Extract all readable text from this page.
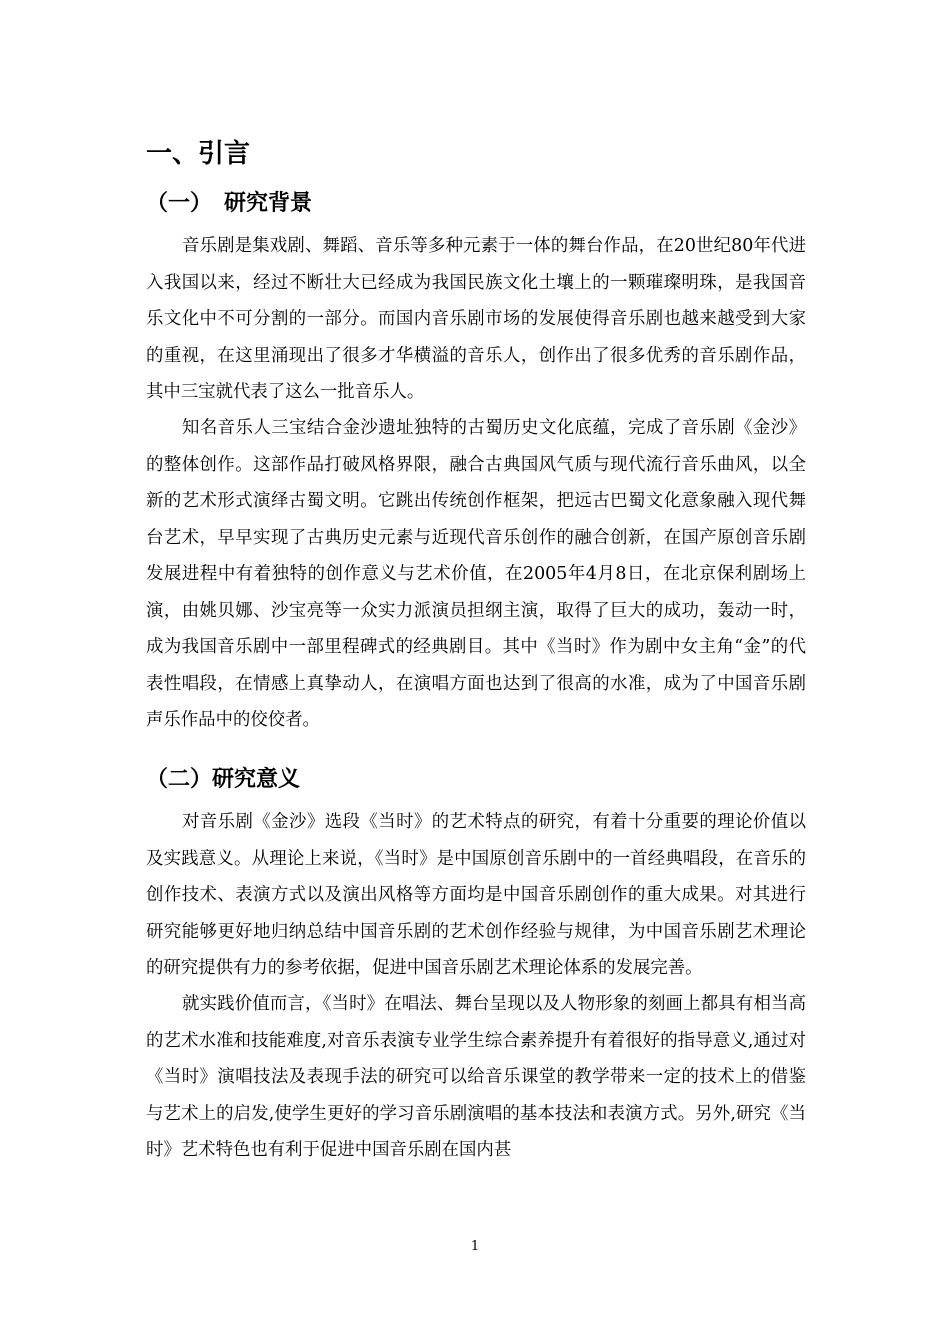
一、引言
（一） 研究背景

音乐剧是集戏剧、舞蹈、音乐等多种元素于一体的舞台作品，在20世纪80年代进入我国以来，经过不断壮大已经成为我国民族文化土壤上的一颗璀璨明珠，是我国音乐文化中不可分割的一部分。而国内音乐剧市场的发展使得音乐剧也越来越受到大家的重视，在这里涌现出了很多才华横溢的音乐人，创作出了很多优秀的音乐剧作品，其中三宝就代表了这么一批音乐人。

知名音乐人三宝结合金沙遗址独特的古蜀历史文化底蕴，完成了音乐剧《金沙》的整体创作。这部作品打破风格界限，融合古典国风气质与现代流行音乐曲风，以全新的艺术形式演绎古蜀文明。它跳出传统创作框架，把远古巴蜀文化意象融入现代舞台艺术，早早实现了古典历史元素与近现代音乐创作的融合创新，在国产原创音乐剧发展进程中有着独特的创作意义与艺术价值，在2005年4月8日，在北京保利剧场上演，由姚贝娜、沙宝亮等一众实力派演员担纲主演，取得了巨大的成功，轰动一时，成为我国音乐剧中一部里程碑式的经典剧目。其中《当时》作为剧中女主角“金”的代表性唱段，在情感上真挚动人，在演唱方面也达到了很高的水准，成为了中国音乐剧声乐作品中的佼佼者。

（二）研究意义

对音乐剧《金沙》选段《当时》的艺术特点的研究，有着十分重要的理论价值以及实践意义。从理论上来说，《当时》是中国原创音乐剧中的一首经典唱段，在音乐的创作技术、表演方式以及演出风格等方面均是中国音乐剧创作的重大成果。对其进行研究能够更好地归纳总结中国音乐剧的艺术创作经验与规律，为中国音乐剧艺术理论的研究提供有力的参考依据，促进中国音乐剧艺术理论体系的发展完善。

就实践价值而言，《当时》在唱法、舞台呈现以及人物形象的刻画上都具有相当高的艺术水准和技能难度,对音乐表演专业学生综合素养提升有着很好的指导意义,通过对《当时》演唱技法及表现手法的研究可以给音乐课堂的教学带来一定的技术上的借鉴与艺术上的启发,使学生更好的学习音乐剧演唱的基本技法和表演方式。另外,研究《当时》艺术特色也有利于促进中国音乐剧在国内甚

1
